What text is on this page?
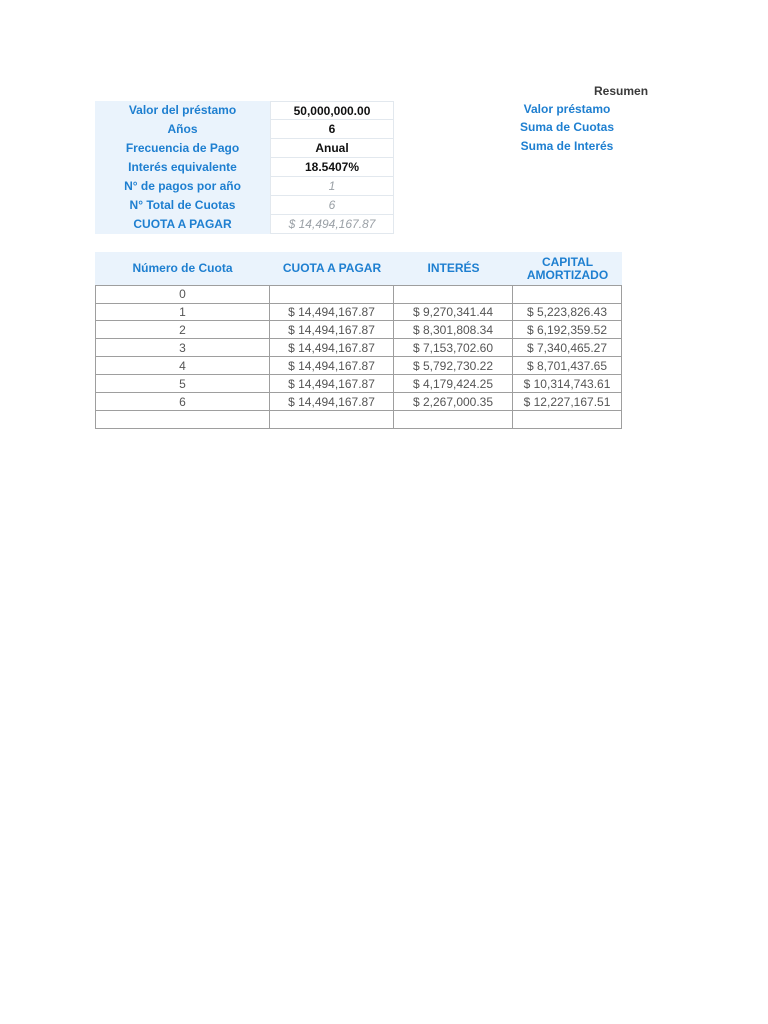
Resumen
Valor préstamo
Suma de Cuotas
Suma de Interés
Valor del préstamo	50,000,000.00
Años	6
Frecuencia de Pago	Anual
Interés equivalente	18.5407%
N° de pagos por año	1
N° Total de Cuotas	6
CUOTA A PAGAR	$ 14,494,167.87
Número de Cuota	CUOTA A PAGAR	INTERÉS	CAPITAL AMORTIZADO
0
1	$ 14,494,167.87	$ 9,270,341.44	$ 5,223,826.43
2	$ 14,494,167.87	$ 8,301,808.34	$ 6,192,359.52
3	$ 14,494,167.87	$ 7,153,702.60	$ 7,340,465.27
4	$ 14,494,167.87	$ 5,792,730.22	$ 8,701,437.65
5	$ 14,494,167.87	$ 4,179,424.25	$ 10,314,743.61
6	$ 14,494,167.87	$ 2,267,000.35	$ 12,227,167.51
